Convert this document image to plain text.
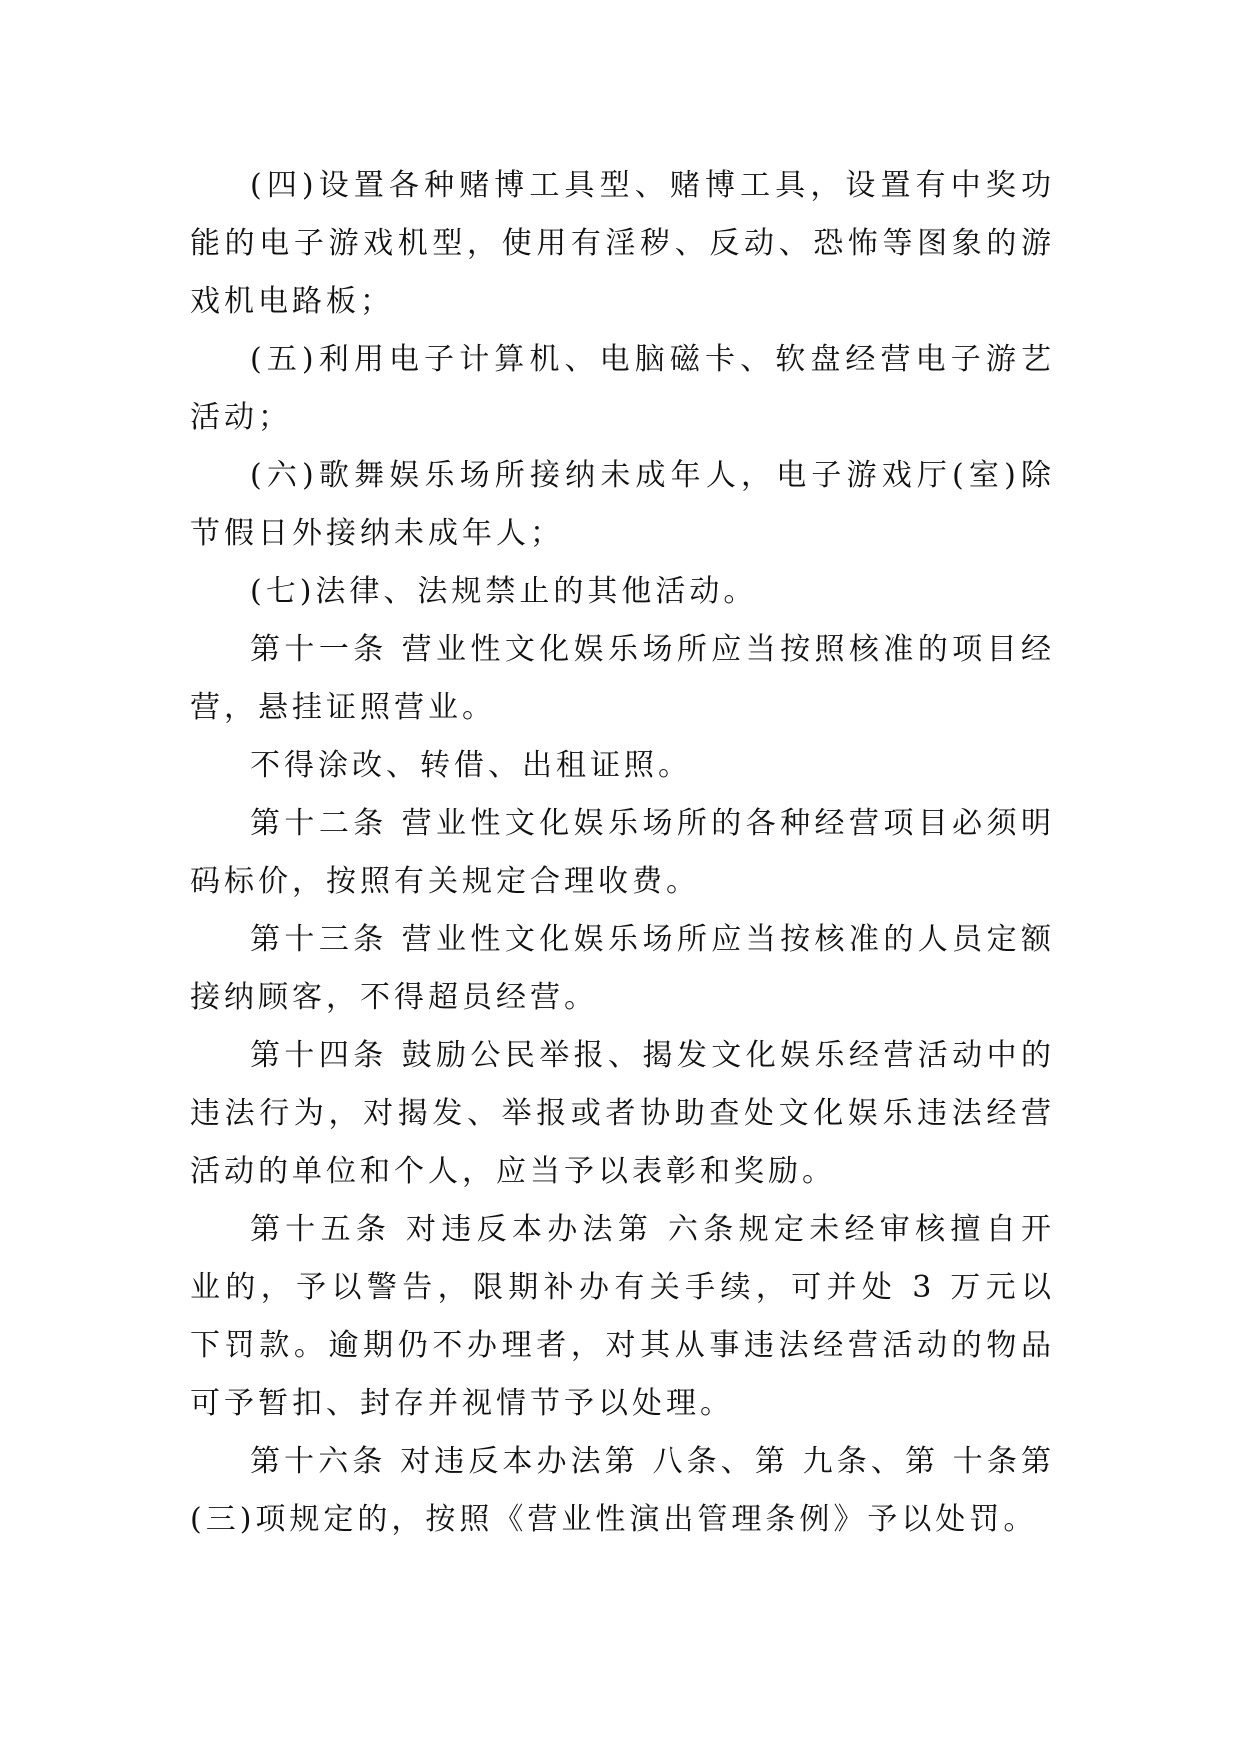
(四)设置各种赌博工具型、赌博工具，设置有中奖功能的电子游戏机型，使用有淫秽、反动、恐怖等图象的游戏机电路板；

(五)利用电子计算机、电脑磁卡、软盘经营电子游艺活动；

(六)歌舞娱乐场所接纳未成年人，电子游戏厅(室)除节假日外接纳未成年人；

(七)法律、法规禁止的其他活动。

第十一条 营业性文化娱乐场所应当按照核准的项目经营，悬挂证照营业。

不得涂改、转借、出租证照。

第十二条 营业性文化娱乐场所的各种经营项目必须明码标价，按照有关规定合理收费。

第十三条 营业性文化娱乐场所应当按核准的人员定额接纳顾客，不得超员经营。

第十四条 鼓励公民举报、揭发文化娱乐经营活动中的违法行为，对揭发、举报或者协助查处文化娱乐违法经营活动的单位和个人，应当予以表彰和奖励。

第十五条 对违反本办法第 六条规定未经审核擅自开业的，予以警告，限期补办有关手续，可并处 3 万元以下罚款。逾期仍不办理者，对其从事违法经营活动的物品可予暂扣、封存并视情节予以处理。

第十六条 对违反本办法第 八条、第 九条、第 十条第(三)项规定的，按照《营业性演出管理条例》予以处罚。
